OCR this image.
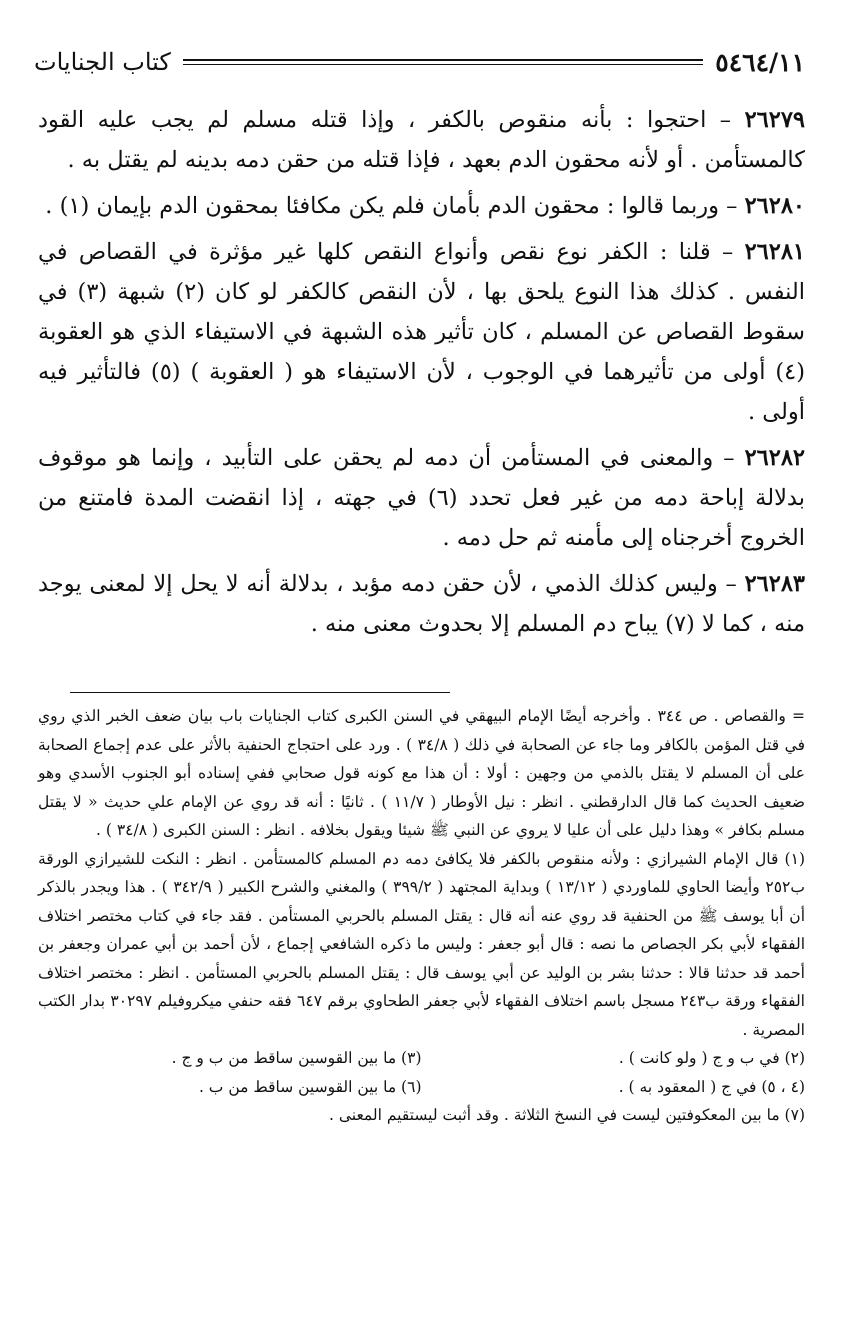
٥٤٦٤/١١
كتاب الجنايات

٢٦٢٧٩ – احتجوا : بأنه منقوص بالكفر ، وإذا قتله مسلم لم يجب عليه القود كالمستأمن . أو لأنه محقون الدم بعهد ، فإذا قتله من حقن دمه بدينه لم يقتل به .

٢٦٢٨٠ – وربما قالوا : محقون الدم بأمان فلم يكن مكافئا بمحقون الدم بإيمان (١) .

٢٦٢٨١ – قلنا : الكفر نوع نقص وأنواع النقص كلها غير مؤثرة في القصاص في النفس . كذلك هذا النوع يلحق بها ، لأن النقص كالكفر لو كان (٢) شبهة (٣) في سقوط القصاص عن المسلم ، كان تأثير هذه الشبهة في الاستيفاء الذي هو العقوبة (٤) أولى من تأثيرهما في الوجوب ، لأن الاستيفاء هو ( العقوبة ) (٥) فالتأثير فيه أولى .

٢٦٢٨٢ – والمعنى في المستأمن أن دمه لم يحقن على التأبيد ، وإنما هو موقوف بدلالة إباحة دمه من غير فعل تحدد (٦) في جهته ، إذا انقضت المدة فامتنع من الخروج أخرجناه إلى مأمنه ثم حل دمه .

٢٦٢٨٣ – وليس كذلك الذمي ، لأن حقن دمه مؤبد ، بدلالة أنه لا يحل إلا لمعنى يوجد منه ، كما لا (٧) يباح دم المسلم إلا بحدوث معنى منه .

= والقصاص . ص ٣٤٤ . وأخرجه أيضًا الإمام البيهقي في السنن الكبرى كتاب الجنايات باب بيان ضعف الخبر الذي روي في قتل المؤمن بالكافر وما جاء عن الصحابة في ذلك ( ٣٤/٨ ) . ورد على احتجاج الحنفية بالأثر على عدم إجماع الصحابة على أن المسلم لا يقتل بالذمي من وجهين : أولا : أن هذا مع كونه قول صحابي ففي إسناده أبو الجنوب الأسدي وهو ضعيف الحديث كما قال الدارقطني . انظر : نيل الأوطار ( ١١/٧ ) . ثانيًا : أنه قد روي عن الإمام علي حديث « لا يقتل مسلم بكافر » وهذا دليل على أن عليا لا يروي عن النبي ﷺ شيئا ويقول بخلافه . انظر : السنن الكبرى ( ٣٤/٨ ) .

(١) قال الإمام الشيرازي : ولأنه منقوص بالكفر فلا يكافئ دمه دم المسلم كالمستأمن . انظر : النكت للشيرازي الورقة ب٢٥٢ وأيضا الحاوي للماوردي ( ١٣/١٢ ) وبداية المجتهد ( ٣٩٩/٢ ) والمغني والشرح الكبير ( ٣٤٢/٩ ) . هذا ويجدر بالذكر أن أبا يوسف ﷺ من الحنفية قد روي عنه أنه قال : يقتل المسلم بالحربي المستأمن . فقد جاء في كتاب مختصر اختلاف الفقهاء لأبي بكر الجصاص ما نصه : قال أبو جعفر : وليس ما ذكره الشافعي إجماع ، لأن أحمد بن أبي عمران وجعفر بن أحمد قد حدثنا قالا : حدثنا بشر بن الوليد عن أبي يوسف قال : يقتل المسلم بالحربي المستأمن . انظر : مختصر اختلاف الفقهاء ورقة ب٢٤٣ مسجل باسم اختلاف الفقهاء لأبي جعفر الطحاوي برقم ٦٤٧ فقه حنفي ميكروفيلم ٣٠٢٩٧ بدار الكتب المصرية .

(٢) في ب و ج ( ولو كانت ) .
(٣) ما بين القوسين ساقط من ب و ج .
(٤ ، ٥) في ج ( المعقود به ) .
(٦) ما بين القوسين ساقط من ب .

(٧) ما بين المعكوفتين ليست في النسخ الثلاثة . وقد أثبت ليستقيم المعنى .
